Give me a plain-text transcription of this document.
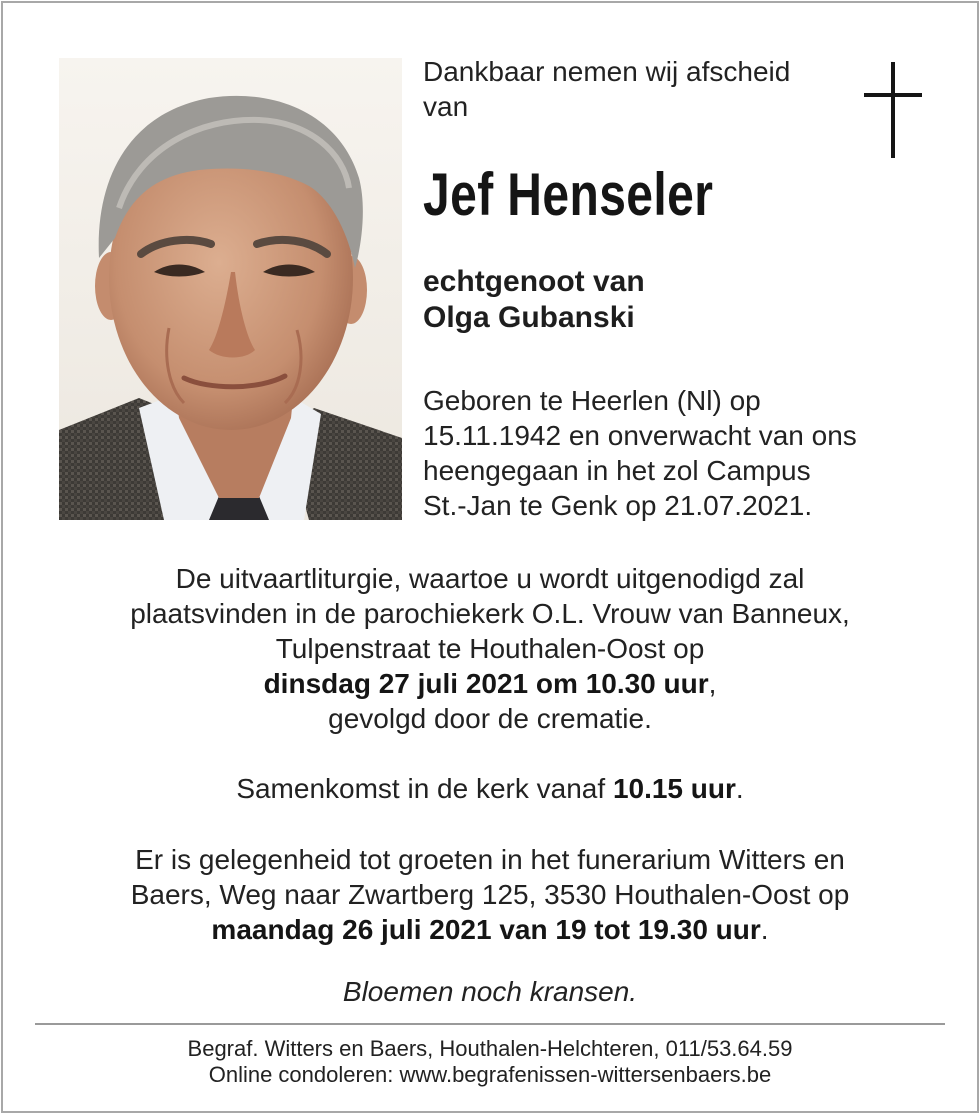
Dankbaar nemen wij afscheid
van
Jef Henseler
echtgenoot van
Olga Gubanski
Geboren te Heerlen (Nl) op
15.11.1942 en onverwacht van ons
heengegaan in het zol Campus
St.-Jan te Genk op 21.07.2021.
De uitvaartliturgie, waartoe u wordt uitgenodigd zal
plaatsvinden in de parochiekerk O.L. Vrouw van Banneux,
Tulpenstraat te Houthalen-Oost op
dinsdag 27 juli 2021 om 10.30 uur,
gevolgd door de crematie.
Samenkomst in de kerk vanaf 10.15 uur.
Er is gelegenheid tot groeten in het funerarium Witters en
Baers, Weg naar Zwartberg 125, 3530 Houthalen-Oost op
maandag 26 juli 2021 van 19 tot 19.30 uur.
Bloemen noch kransen.
Begraf. Witters en Baers, Houthalen-Helchteren, 011/53.64.59
Online condoleren: www.begrafenissen-wittersenbaers.be
